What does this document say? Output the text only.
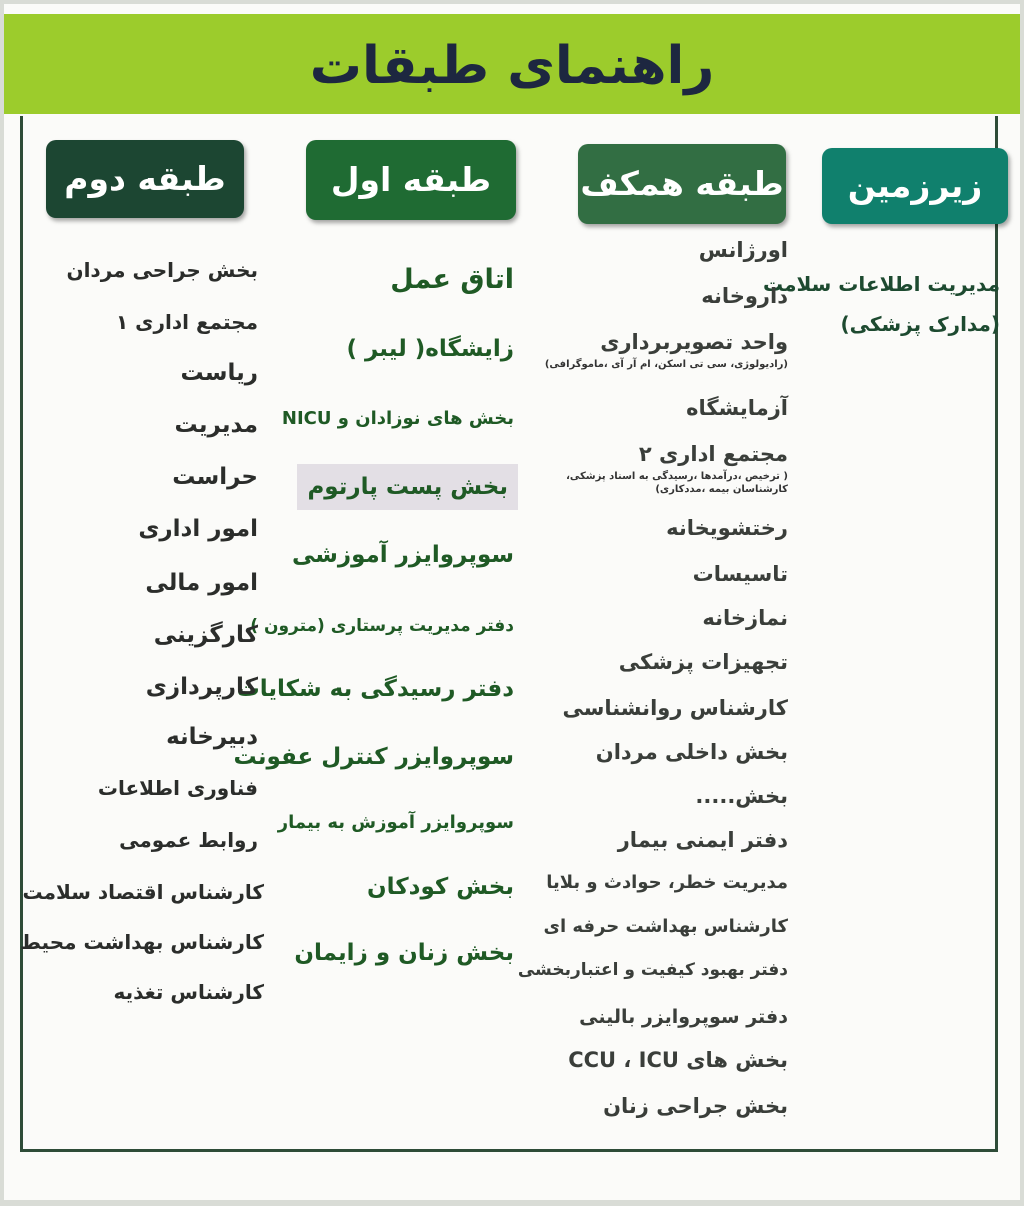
راهنمای طبقات
زیرزمین
طبقه همکف
طبقه اول
طبقه دوم
مدیریت اطلاعات سلامت
(مدارک پزشکی)
اورژانس
داروخانه
واحد تصویربرداری
(رادیولوژی، سی تی اسکن، ام آر آی ،ماموگرافی)
آزمایشگاه
مجتمع اداری ۲
( ترخیص ،درآمدها ،رسیدگی به اسناد پزشکی، کارشناسان بیمه ،مددکاری)
رختشویخانه
تاسیسات
نمازخانه
تجهیزات پزشکی
کارشناس روانشناسی
بخش داخلی مردان
بخش.....
دفتر ایمنی بیمار
مدیریت خطر، حوادث و بلایا
کارشناس بهداشت حرفه ای
دفتر بهبود کیفیت و اعتباربخشی
دفتر سوپروایزر بالینی
بخش های CCU ، ICU
بخش جراحی زنان
اتاق عمل
زایشگاه( لیبر )
بخش های نوزادان و NICU
بخش پست پارتوم
سوپروایزر آموزشی
دفتر مدیریت پرستاری (مترون )
دفتر رسیدگی به شکایات
سوپروایزر کنترل عفونت
سوپروایزر آموزش به بیمار
بخش کودکان
بخش زنان و زایمان
بخش جراحی مردان
مجتمع اداری ۱
ریاست
مدیریت
حراست
امور اداری
امور مالی
کارگزینی
کارپردازی
دبیرخانه
فناوری اطلاعات
روابط عمومی
کارشناس اقتصاد سلامت
کارشناس بهداشت محیط
کارشناس تغذیه
